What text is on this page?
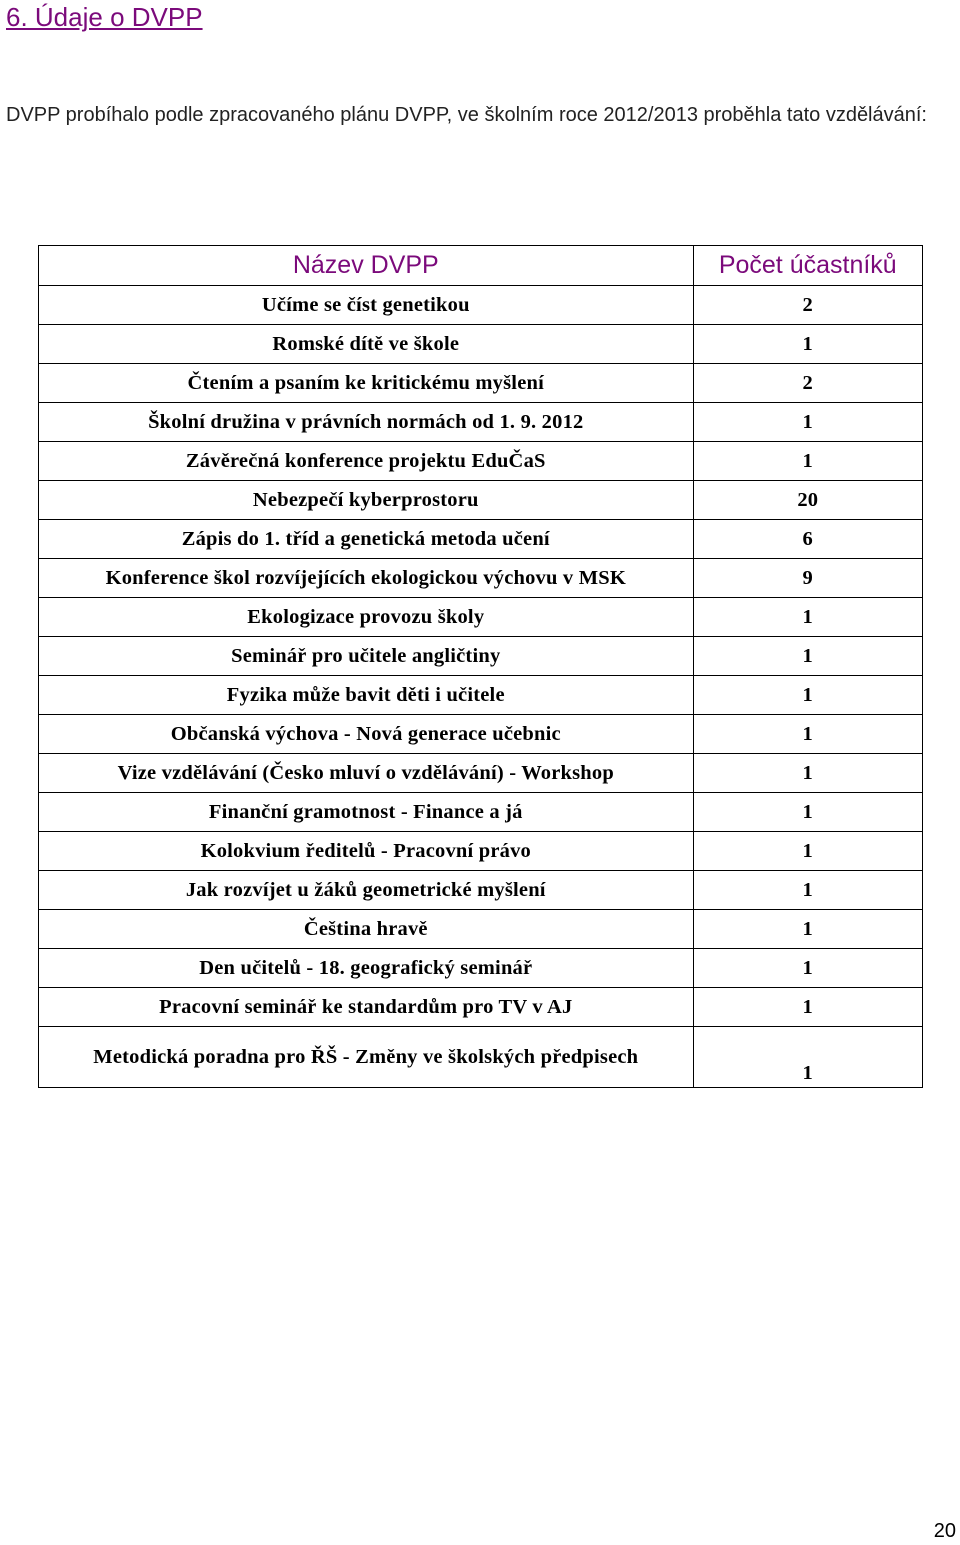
6. Údaje o DVPP

DVPP probíhalo podle zpracovaného plánu DVPP, ve školním roce 2012/2013 proběhla tato vzdělávání:

Název DVPP	Počet účastníků
Učíme se číst genetikou	2
Romské dítě ve škole	1
Čtením a psaním ke kritickému myšlení	2
Školní družina v právních normách od 1. 9. 2012	1
Závěrečná konference projektu EduČaS	1
Nebezpečí kyberprostoru	20
Zápis do 1. tříd a genetická metoda učení	6
Konference škol rozvíjejících ekologickou výchovu v MSK	9
Ekologizace provozu školy	1
Seminář pro učitele angličtiny	1
Fyzika může bavit děti i učitele	1
Občanská výchova - Nová generace učebnic	1
Vize vzdělávání (Česko mluví o vzdělávání) - Workshop	1
Finanční gramotnost - Finance a já	1
Kolokvium ředitelů - Pracovní právo	1
Jak rozvíjet u žáků geometrické myšlení	1
Čeština hravě	1
Den učitelů - 18. geografický seminář	1
Pracovní seminář ke standardům pro TV v AJ	1
Metodická poradna pro ŘŠ - Změny ve školských předpisech	1
20
